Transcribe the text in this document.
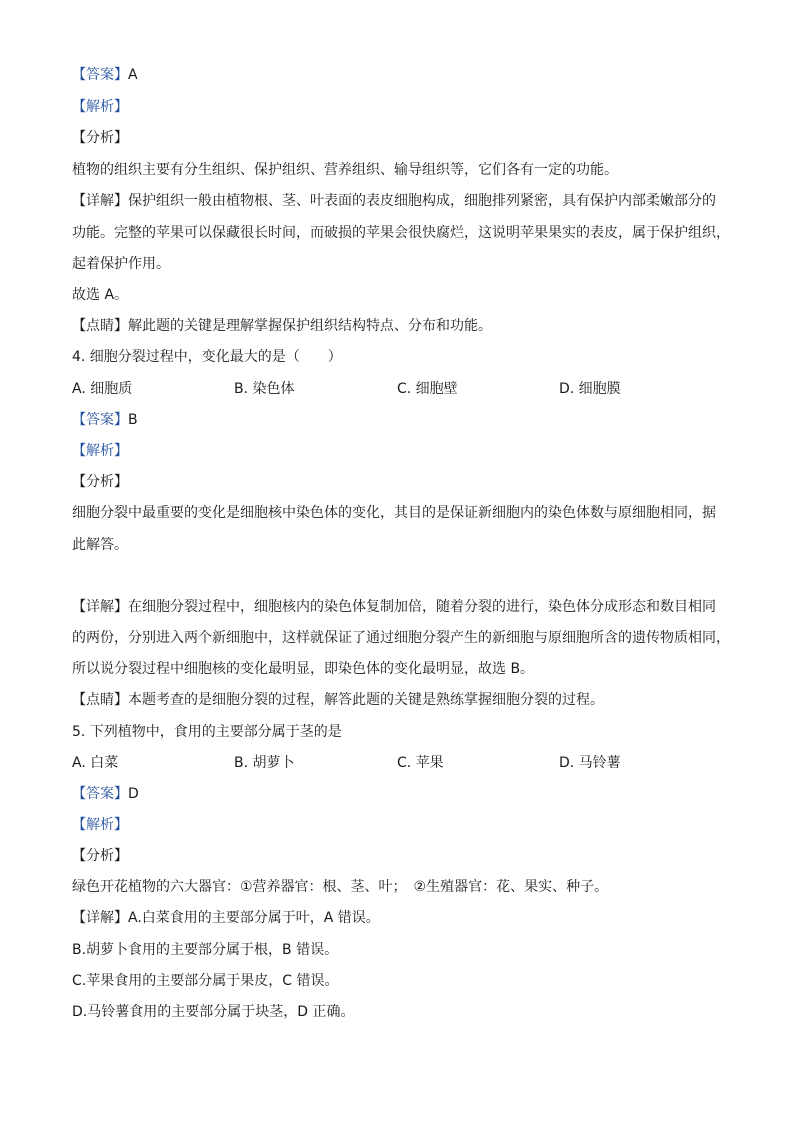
【答案】A
【解析】
【分析】
植物的组织主要有分生组织、保护组织、营养组织、输导组织等，它们各有一定的功能。
【详解】保护组织一般由植物根、茎、叶表面的表皮细胞构成，细胞排列紧密，具有保护内部柔嫩部分的
功能。完整的苹果可以保藏很长时间，而破损的苹果会很快腐烂，这说明苹果果实的表皮，属于保护组织，
起着保护作用。
故选 A。
【点睛】解此题的关键是理解掌握保护组织结构特点、分布和功能。
4. 细胞分裂过程中，变化最大的是（　　）
A. 细胞质	B. 染色体	C. 细胞壁	D. 细胞膜
【答案】B
【解析】
【分析】
细胞分裂中最重要的变化是细胞核中染色体的变化，其目的是保证新细胞内的染色体数与原细胞相同，据
此解答。
【详解】在细胞分裂过程中，细胞核内的染色体复制加倍，随着分裂的进行，染色体分成形态和数目相同
的两份，分别进入两个新细胞中，这样就保证了通过细胞分裂产生的新细胞与原细胞所含的遗传物质相同，
所以说分裂过程中细胞核的变化最明显，即染色体的变化最明显，故选 B。
【点睛】本题考查的是细胞分裂的过程，解答此题的关键是熟练掌握细胞分裂的过程。
5. 下列植物中，食用的主要部分属于茎的是
A. 白菜	B. 胡萝卜	C. 苹果	D. 马铃薯
【答案】D
【解析】
【分析】
绿色开花植物的六大器官：①营养器官：根、茎、叶；　②生殖器官：花、果实、种子。
【详解】A.白菜食用的主要部分属于叶，A 错误。
B.胡萝卜食用的主要部分属于根，B 错误。
C.苹果食用的主要部分属于果皮，C 错误。
D.马铃薯食用的主要部分属于块茎，D 正确。
